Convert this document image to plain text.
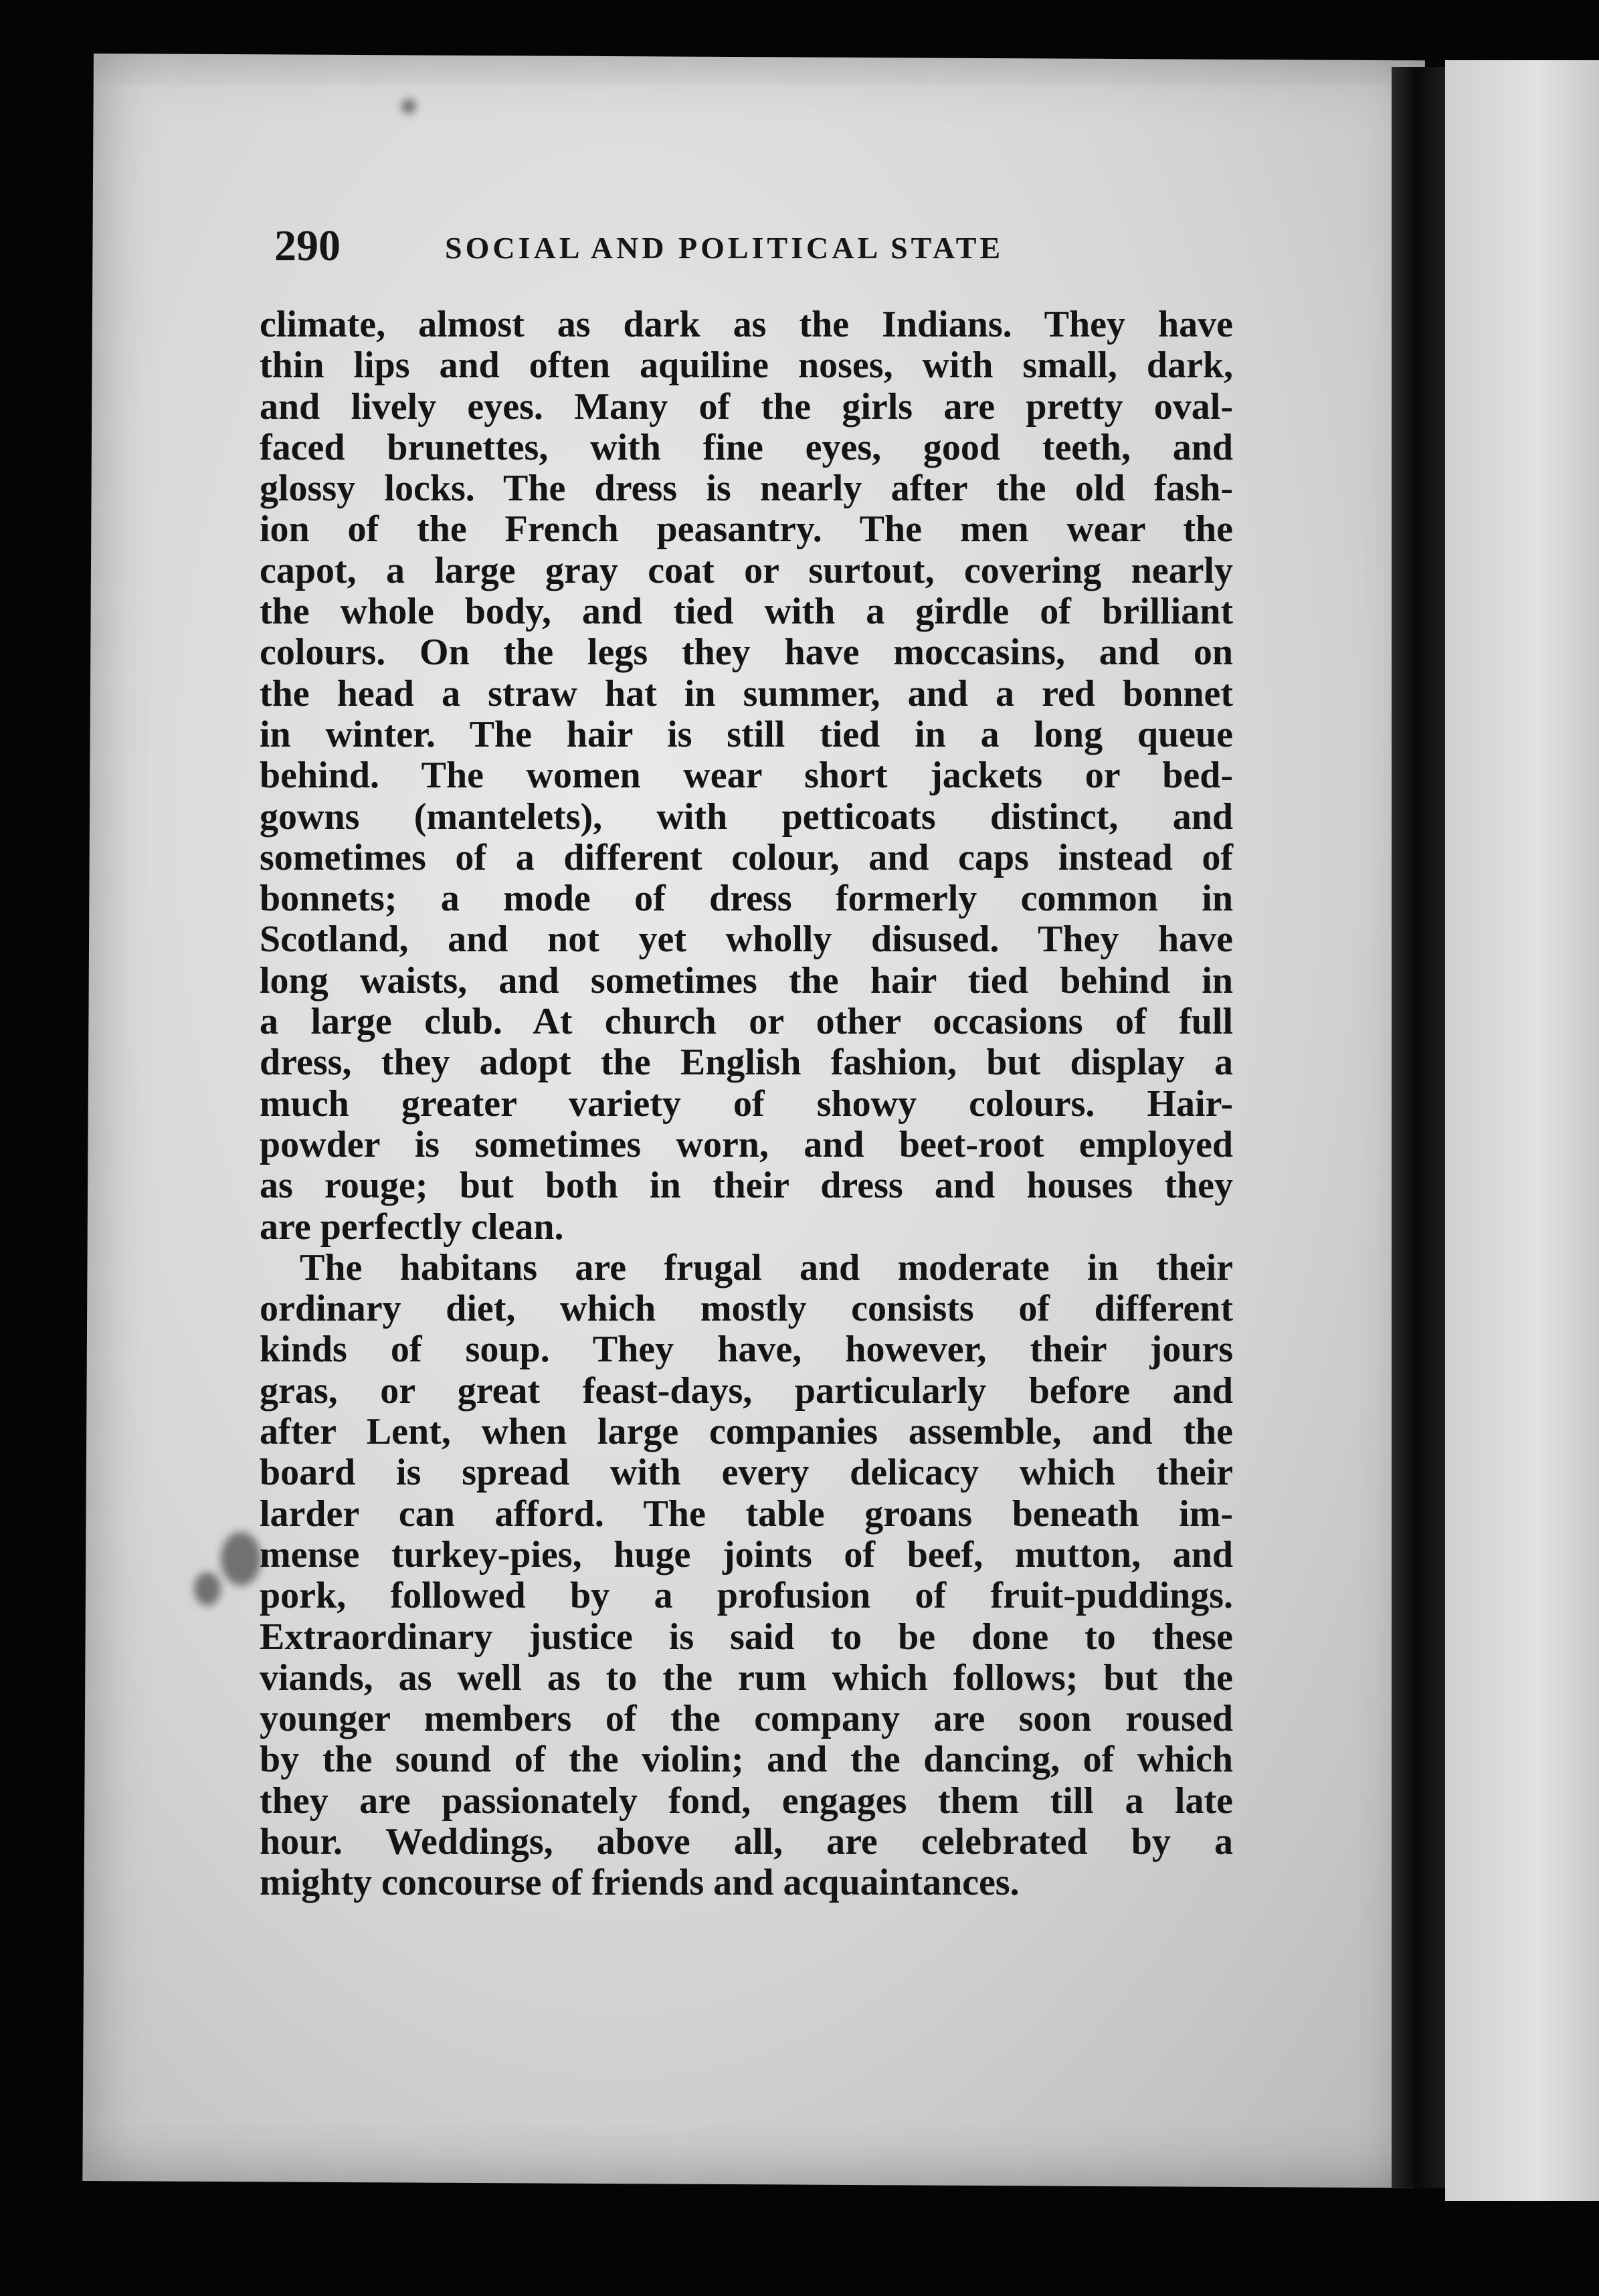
290	SOCIAL AND POLITICAL STATE

climate, almost as dark as the Indians. They have

thin lips and often aquiline noses, with small, dark,

and lively eyes. Many of the girls are pretty oval-

faced brunettes, with fine eyes, good teeth, and

glossy locks. The dress is nearly after the old fash-

ion of the French peasantry. The men wear the

capot, a large gray coat or surtout, covering nearly

the whole body, and tied with a girdle of brilliant

colours. On the legs they have moccasins, and on

the head a straw hat in summer, and a red bonnet

in winter. The hair is still tied in a long queue

behind. The women wear short jackets or bed-

gowns (mantelets), with petticoats distinct, and

sometimes of a different colour, and caps instead of

bonnets; a mode of dress formerly common in

Scotland, and not yet wholly disused. They have

long waists, and sometimes the hair tied behind in

a large club. At church or other occasions of full

dress, they adopt the English fashion, but display a

much greater variety of showy colours. Hair-

powder is sometimes worn, and beet-root employed

as rouge; but both in their dress and houses they

are perfectly clean.

The habitans are frugal and moderate in their

ordinary diet, which mostly consists of different

kinds of soup. They have, however, their jours

gras, or great feast-days, particularly before and

after Lent, when large companies assemble, and the

board is spread with every delicacy which their

larder can afford. The table groans beneath im-

mense turkey-pies, huge joints of beef, mutton, and

pork, followed by a profusion of fruit-puddings.

Extraordinary justice is said to be done to these

viands, as well as to the rum which follows; but the

younger members of the company are soon roused

by the sound of the violin; and the dancing, of which

they are passionately fond, engages them till a late

hour. Weddings, above all, are celebrated by a

mighty concourse of friends and acquaintances.
